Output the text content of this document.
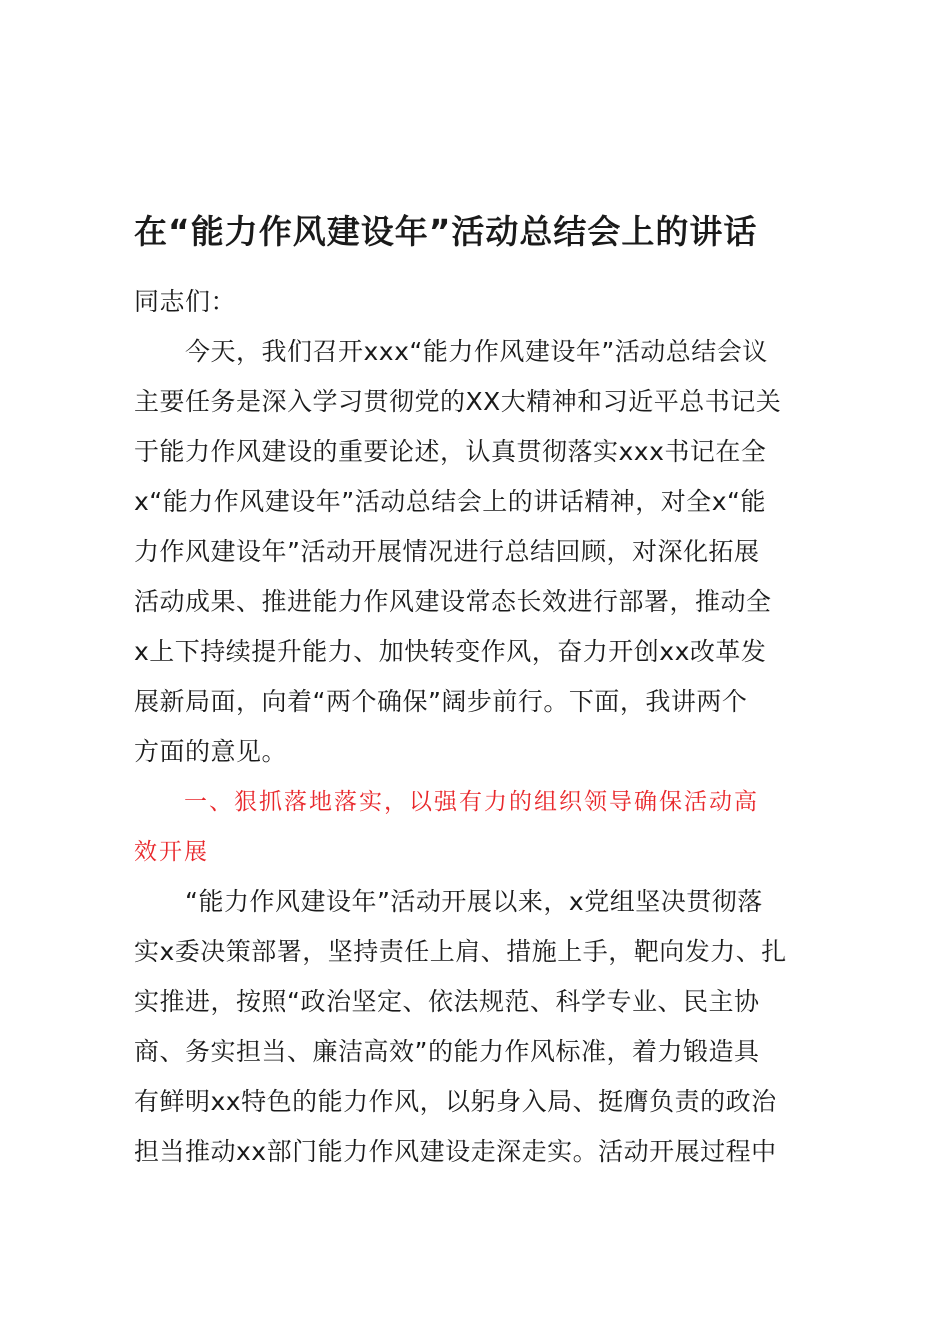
在“能力作风建设年”活动总结会上的讲话

同志们：

　　今天，我们召开xxx“能力作风建设年”活动总结会议

主要任务是深入学习贯彻党的XX大精神和习近平总书记关

于能力作风建设的重要论述，认真贯彻落实xxx书记在全

x“能力作风建设年”活动总结会上的讲话精神，对全x“能

力作风建设年”活动开展情况进行总结回顾，对深化拓展

活动成果、推进能力作风建设常态长效进行部署，推动全

x上下持续提升能力、加快转变作风，奋力开创xx改革发

展新局面，向着“两个确保”阔步前行。下面，我讲两个

方面的意见。

　　一、狠抓落地落实，以强有力的组织领导确保活动高

效开展

　　“能力作风建设年”活动开展以来，x党组坚决贯彻落

实x委决策部署，坚持责任上肩、措施上手，靶向发力、扎

实推进，按照“政治坚定、依法规范、科学专业、民主协

商、务实担当、廉洁高效”的能力作风标准，着力锻造具

有鲜明xx特色的能力作风，以躬身入局、挺膺负责的政治

担当推动xx部门能力作风建设走深走实。活动开展过程中
